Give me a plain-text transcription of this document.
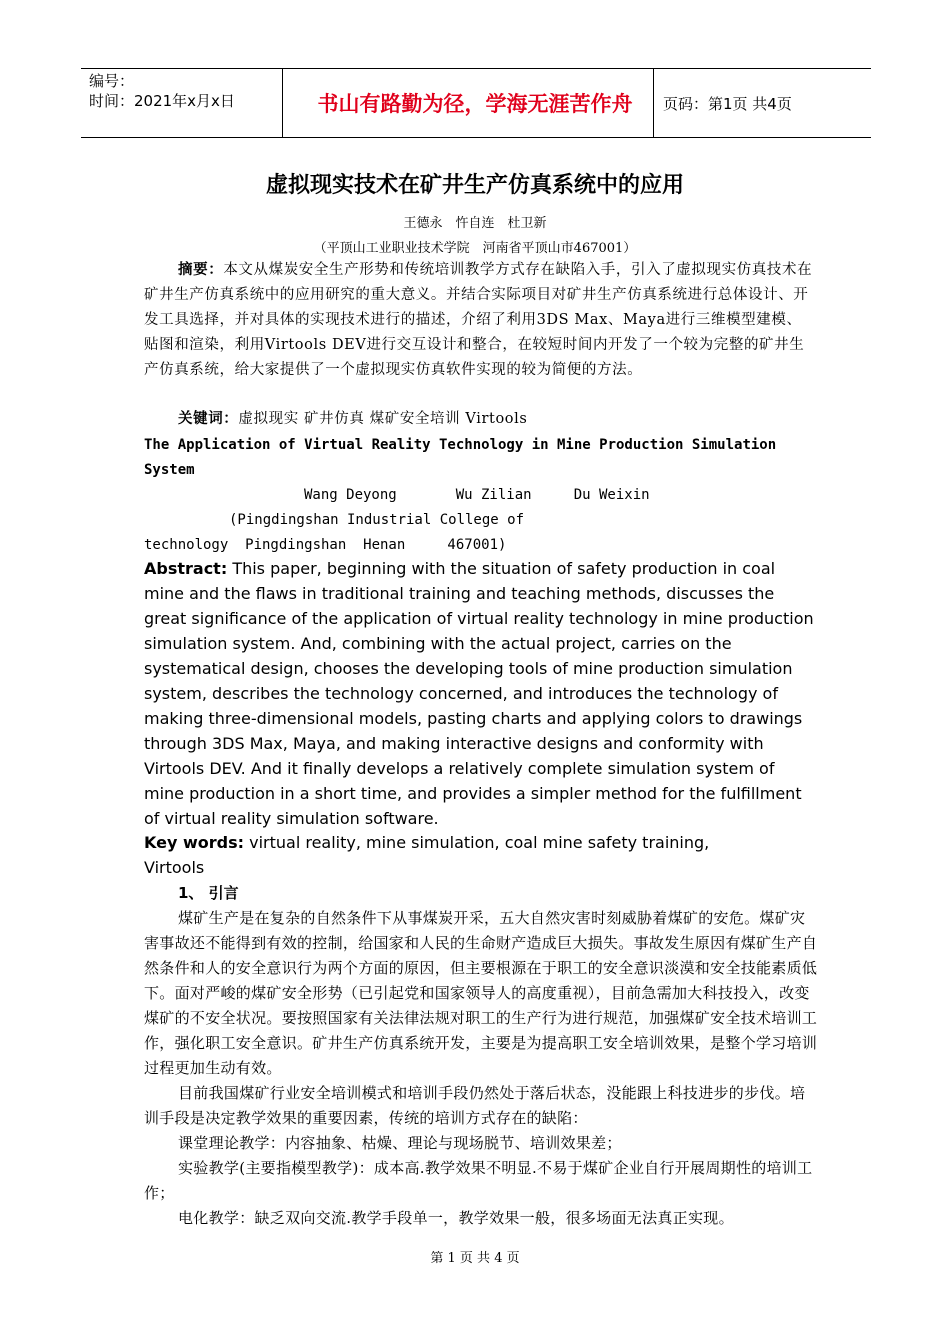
编号：
时间：2021年x月x日	书山有路勤为径，学海无涯苦作舟	页码：第1页 共4页
虚拟现实技术在矿井生产仿真系统中的应用
王德永　忤自连　杜卫新
（平顶山工业职业技术学院　河南省平顶山市467001）
摘要：本文从煤炭安全生产形势和传统培训教学方式存在缺陷入手，引入了虚拟现实仿真技术在矿井生产仿真系统中的应用研究的重大意义。并结合实际项目对矿井生产仿真系统进行总体设计、开发工具选择，并对具体的实现技术进行的描述，介绍了利用3DS Max、Maya进行三维模型建模、贴图和渲染，利用Virtools DEV进行交互设计和整合，在较短时间内开发了一个较为完整的矿井生产仿真系统，给大家提供了一个虚拟现实仿真软件实现的较为简便的方法。
关键词：虚拟现实 矿井仿真 煤矿安全培训 Virtools
The Application of Virtual Reality Technology in Mine Production Simulation System
Wang Deyong       Wu Zilian     Du Weixin
(Pingdingshan Industrial College of
technology  Pingdingshan  Henan     467001)
Abstract: This paper, beginning with the situation of safety production in coal mine and the flaws in traditional training and teaching methods, discusses the great significance of the application of virtual reality technology in mine production simulation system. And, combining with the actual project, carries on the systematical design, chooses the developing tools of mine production simulation system, describes the technology concerned, and introduces the technology of making three-dimensional models, pasting charts and applying colors to drawings through 3DS Max, Maya, and making interactive designs and conformity with Virtools DEV. And it finally develops a relatively complete simulation system of mine production in a short time, and provides a simpler method for the fulfillment of virtual reality simulation software.
Key words: virtual reality, mine simulation, coal mine safety training, Virtools
1、 引言
煤矿生产是在复杂的自然条件下从事煤炭开采，五大自然灾害时刻威胁着煤矿的安危。煤矿灾害事故还不能得到有效的控制，给国家和人民的生命财产造成巨大损失。事故发生原因有煤矿生产自然条件和人的安全意识行为两个方面的原因，但主要根源在于职工的安全意识淡漠和安全技能素质低下。面对严峻的煤矿安全形势（已引起党和国家领导人的高度重视），目前急需加大科技投入，改变煤矿的不安全状况。要按照国家有关法律法规对职工的生产行为进行规范，加强煤矿安全技术培训工作，强化职工安全意识。矿井生产仿真系统开发，主要是为提高职工安全培训效果，是整个学习培训过程更加生动有效。
目前我国煤矿行业安全培训模式和培训手段仍然处于落后状态，没能跟上科技进步的步伐。培训手段是决定教学效果的重要因素，传统的培训方式存在的缺陷：
课堂理论教学：内容抽象、枯燥、理论与现场脱节、培训效果差；
实验教学(主要指模型教学)：成本高.教学效果不明显.不易于煤矿企业自行开展周期性的培训工作；
电化教学：缺乏双向交流.教学手段单一，教学效果一般，很多场面无法真正实现。
第 1 页 共 4 页
